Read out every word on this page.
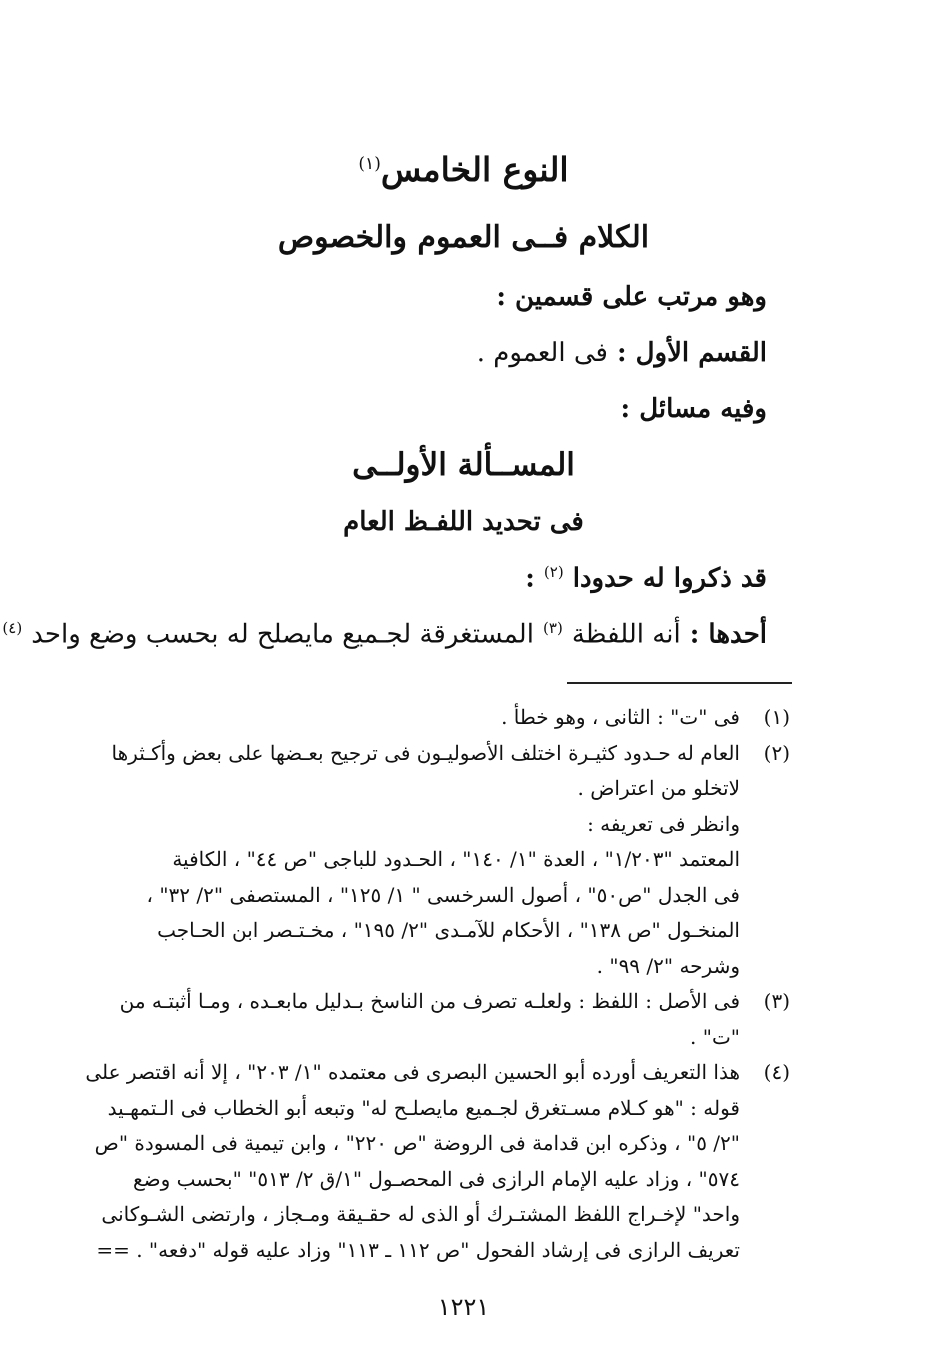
النوع الخامس$^{(١)}$
الكلام فــى العموم والخصوص
وهو مرتب على قسمين :
القسم الأول : فى العموم .
وفيه مسائل :
المســألة الأولــى
فى تحديد اللفـظ العام
قد ذكروا له حدودا $^{(٢)}$ :
أحدها : أنه اللفظة $^{(٣)}$ المستغرقة لجـميع مايصلح له بحسب وضع واحد $^{(٤)}$
(١)
فى "ت" : الثانى ، وهو خطأ .
(٢)
العام له حـدود كثيـرة اختلف الأصوليـون فى ترجيح بعـضها على بعض وأكـثرها
لاتخلو من اعتراض .
وانظر فى تعريفه :
المعتمد "١/٢٠٣" ، العدة "١/ ١٤٠" ، الحـدود للباجى "ص ٤٤" ، الكافية
فى الجدل "ص٥٠" ، أصول السرخسى " ١/ ١٢٥" ، المستصفى "٢/ ٣٢" ،
المنخـول "ص ١٣٨" ، الأحكام للآمـدى "٢/ ١٩٥" ، مخـتـصر ابن الحـاجب
وشرحه "٢/ ٩٩" .
(٣)
فى الأصل : اللفظ : ولعلـه تصرف من الناسخ بـدليل مابعـده ، ومـا أثبتـه من
"ت" .
(٤)
هذا التعريف أورده أبو الحسين البصرى فى معتمده "١/ ٢٠٣" ، إلا أنه اقتصر على
قوله : "هو كـلام مسـتغرق لجـميع مايصلـح له" وتبعه أبو الخطاب فى الـتمهـيد
"٢/ ٥" ، وذكره ابن قدامة فى الروضة "ص ٢٢٠" ، وابن تيمية فى المسودة "ص
٥٧٤" ، وزاد عليه الإمام الرازى فى المحصـول "١/ق ٢/ ٥١٣" "بحسب وضع
واحد" لإخـراج اللفظ المشتـرك أو الذى له حقـيقة ومـجاز ، وارتضى الشـوكانى
تعريف الرازى فى إرشاد الفحول "ص ١١٢ ـ ١١٣" وزاد عليه قوله "دفعه" . ==
١٢٢١
